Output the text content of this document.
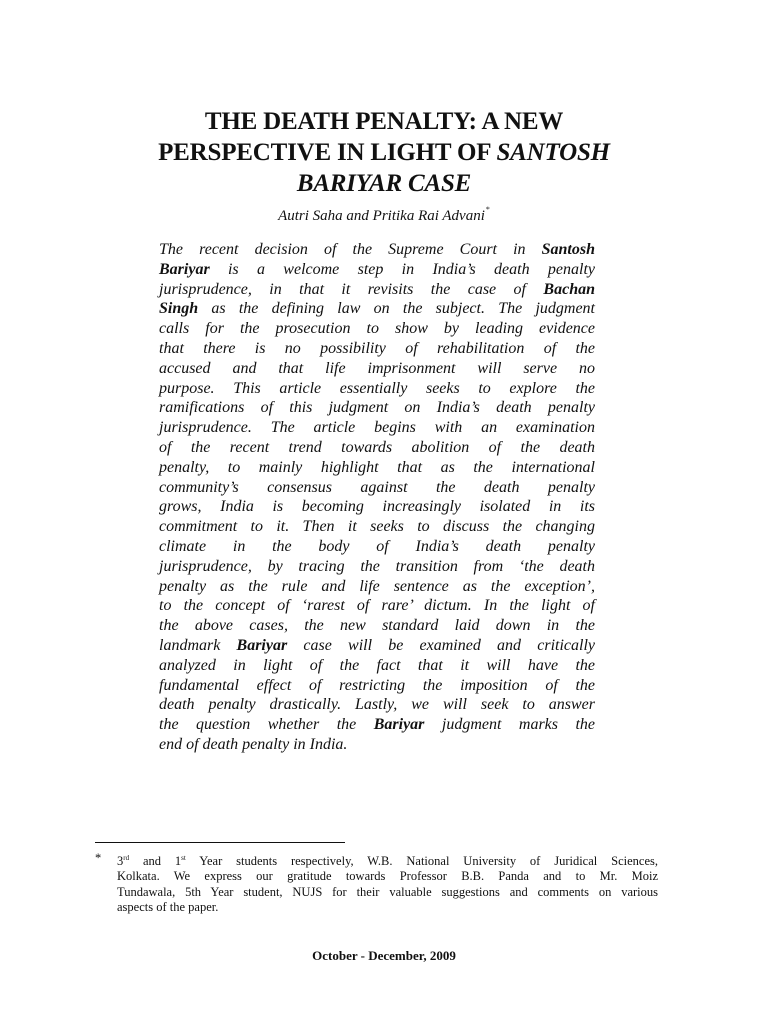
THE DEATH PENALTY: A NEW
PERSPECTIVE IN LIGHT OF SANTOSH
BARIYAR CASE
Autri Saha and Pritika Rai Advani*
The recent decision of the Supreme Court in Santosh
Bariyar is a welcome step in India’s death penalty
jurisprudence, in that it revisits the case of Bachan
Singh as the defining law on the subject. The judgment
calls for the prosecution to show by leading evidence
that there is no possibility of rehabilitation of the
accused and that life imprisonment will serve no
purpose. This article essentially seeks to explore the
ramifications of this judgment on India’s death penalty
jurisprudence. The article begins with an examination
of the recent trend towards abolition of the death
penalty, to mainly highlight that as the international
community’s consensus against the death penalty
grows, India is becoming increasingly isolated in its
commitment to it. Then it seeks to discuss the changing
climate in the body of India’s death penalty
jurisprudence, by tracing the transition from ‘the death
penalty as the rule and life sentence as the exception’,
to the concept of ‘rarest of rare’ dictum. In the light of
the above cases, the new standard laid down in the
landmark Bariyar case will be examined and critically
analyzed in light of the fact that it will have the
fundamental effect of restricting the imposition of the
death penalty drastically. Lastly, we will seek to answer
the question whether the Bariyar judgment marks the
end of death penalty in India.
* 3rd and 1st Year students respectively, W.B. National University of Juridical Sciences,
Kolkata. We express our gratitude towards Professor B.B. Panda and to Mr. Moiz
Tundawala, 5th Year student, NUJS for their valuable suggestions and comments on various
aspects of the paper.
October - December, 2009
